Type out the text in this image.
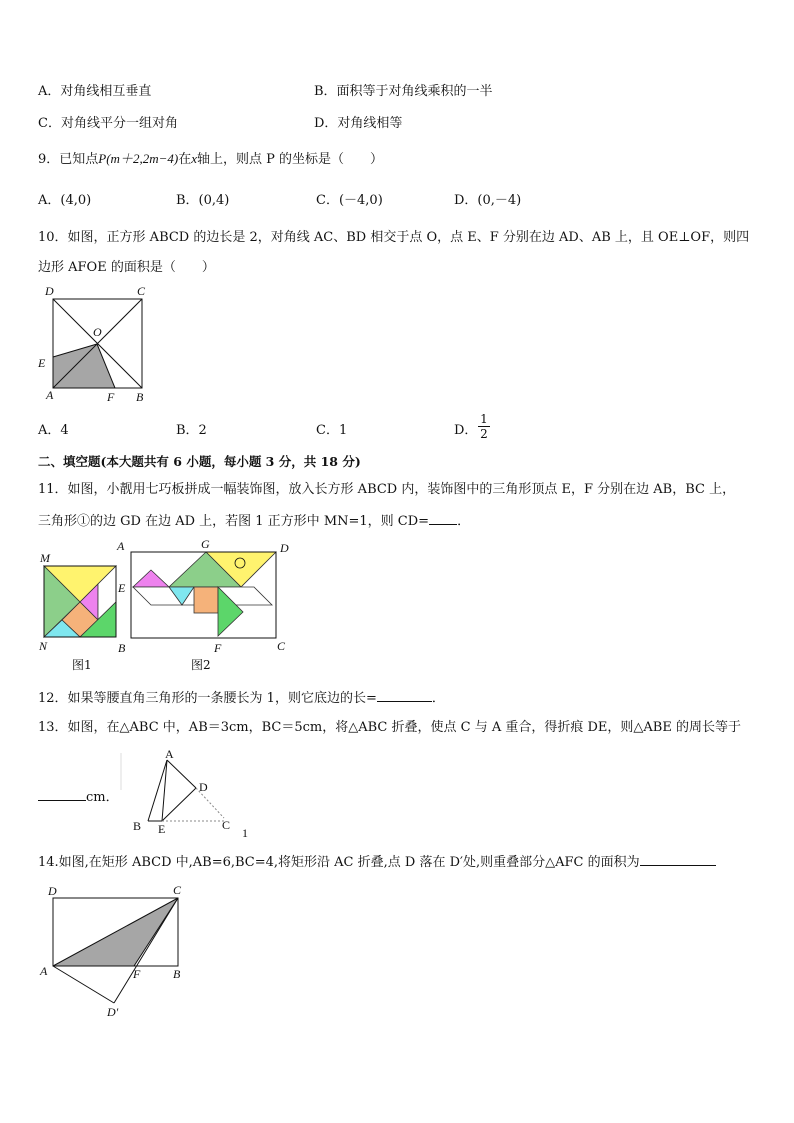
A．对角线相互垂直	B．面积等于对角线乘积的一半
C．对角线平分一组对角	D．对角线相等
9．已知点P(m＋2,2m−4)在x轴上，则点 P 的坐标是（　　）
A．(4,0)	B．(0,4)	C．(－4,0)	D．(0,－4)
10．如图，正方形 ABCD 的边长是 2，对角线 AC、BD 相交于点 O，点 E、F 分别在边 AD、AB 上，且 OE⊥OF，则四
边形 AFOE 的面积是（　　）
D	C
O
E
A	F B
A．4	B．2	C．1	D． $\frac{1}{2}$
二、填空题(本大题共有 6 小题，每小题 3 分，共 18 分)
11．如图，小靓用七巧板拼成一幅装饰图，放入长方形 ABCD 内，装饰图中的三角形顶点 E，F 分别在边 AB，BC 上，
三角形①的边 GD 在边 AD 上，若图 1 正方形中 MN=1，则 CD= ．
M
N	B
图1
A	G	D
E
C
F
图2
12．如果等腰直角三角形的一条腰长为 1，则它底边的长=	．
13．如图，在△ABC 中，AB＝3cm，BC＝5cm，将△ABC 折叠，使点 C 与 A 重合，得折痕 DE，则△ABE 的周长等于
cm．
A
D
B E	C
1
14.如图,在矩形 ABCD 中,AB=6,BC=4,将矩形沿 AC 折叠,点 D 落在 D′处,则重叠部分△AFC 的面积为
D	C
A	F	B
D′
